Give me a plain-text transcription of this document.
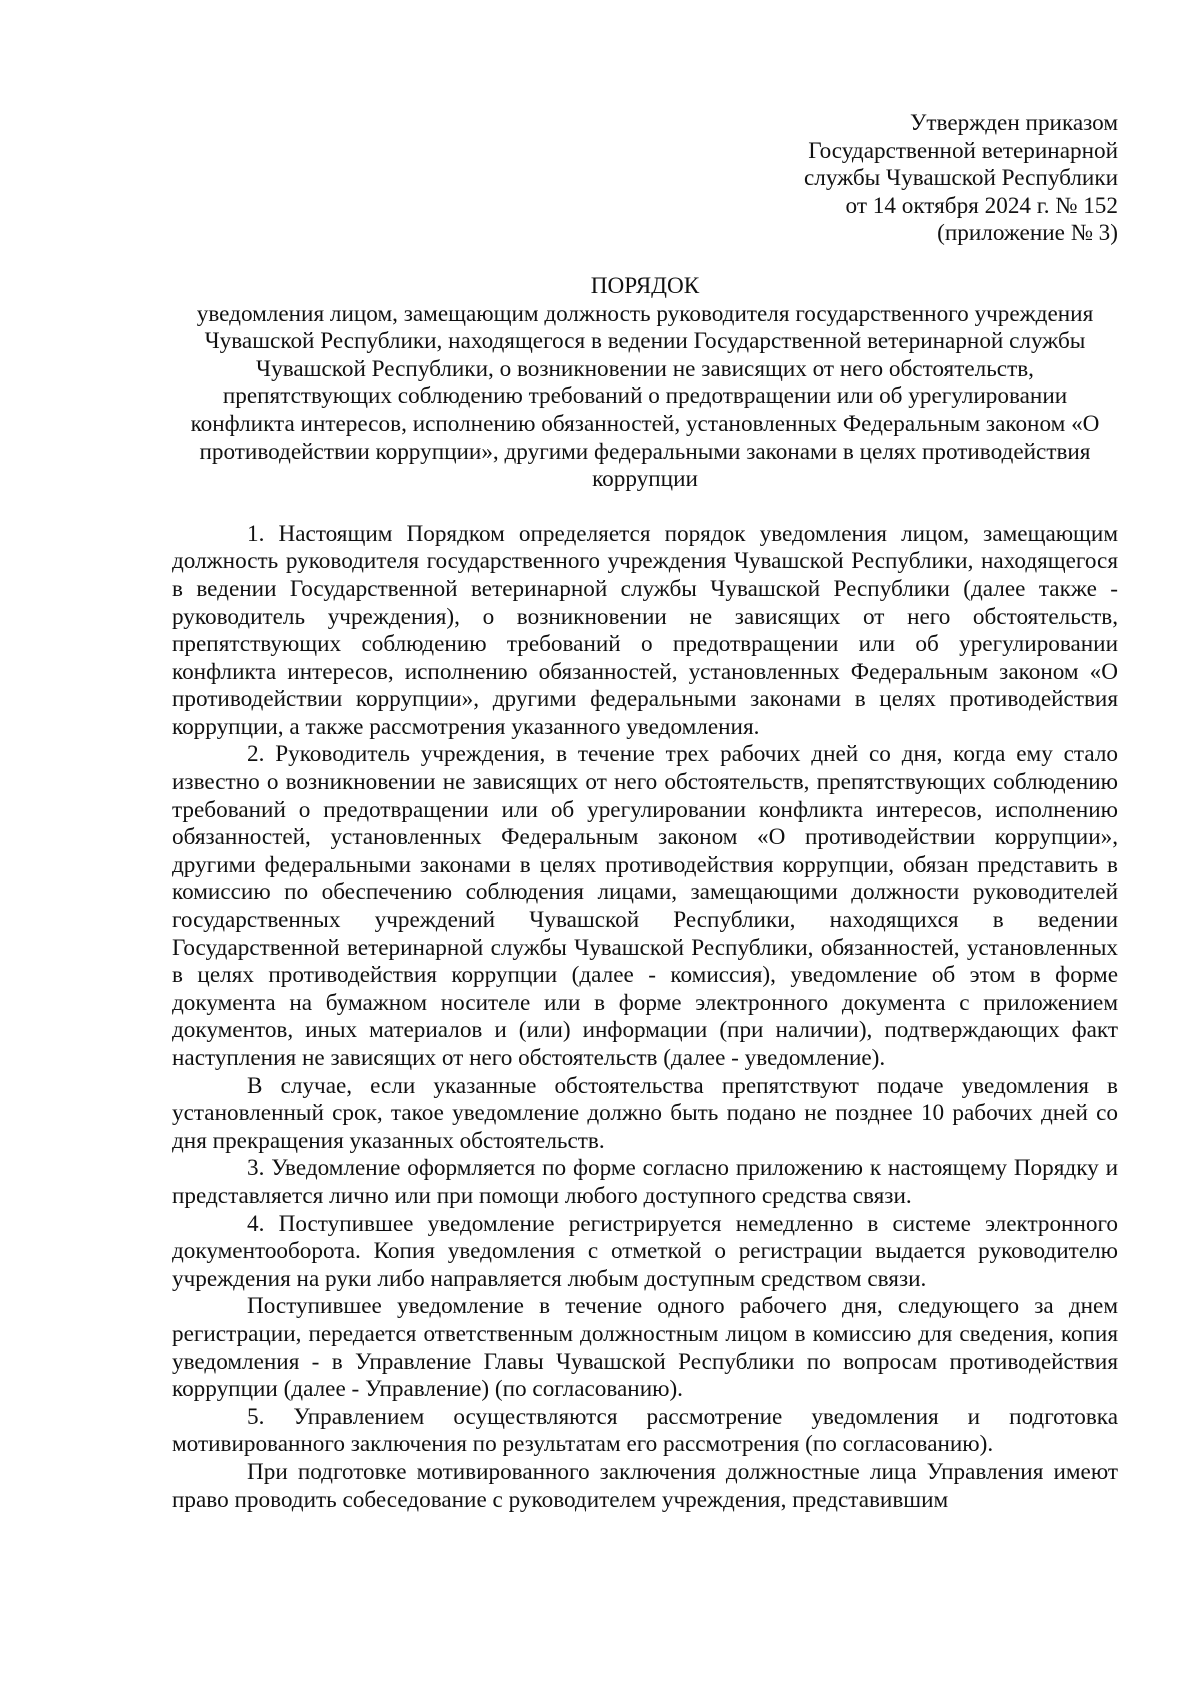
Утвержден приказом
Государственной ветеринарной
службы Чувашской Республики
от 14 октября 2024 г. № 152
(приложение № 3)
ПОРЯДОК
уведомления лицом, замещающим должность руководителя государственного учреждения Чувашской Республики, находящегося в ведении Государственной ветеринарной службы Чувашской Республики, о возникновении не зависящих от него обстоятельств, препятствующих соблюдению требований о предотвращении или об урегулировании конфликта интересов, исполнению обязанностей, установленных Федеральным законом «О противодействии коррупции», другими федеральными законами в целях противодействия коррупции

1. Настоящим Порядком определяется порядок уведомления лицом, замещающим должность руководителя государственного учреждения Чувашской Республики, находящегося в ведении Государственной ветеринарной службы Чувашской Республики (далее также - руководитель учреждения), о возникновении не зависящих от него обстоятельств, препятствующих соблюдению требований о предотвращении или об урегулировании конфликта интересов, исполнению обязанностей, установленных Федеральным законом «О противодействии коррупции», другими федеральными законами в целях противодействия коррупции, а также рассмотрения указанного уведомления.

2. Руководитель учреждения, в течение трех рабочих дней со дня, когда ему стало известно о возникновении не зависящих от него обстоятельств, препятствующих соблюдению требований о предотвращении или об урегулировании конфликта интересов, исполнению обязанностей, установленных Федеральным законом «О противодействии коррупции», другими федеральными законами в целях противодействия коррупции, обязан представить в комиссию по обеспечению соблюдения лицами, замещающими должности руководителей государственных учреждений Чувашской Республики, находящихся в ведении Государственной ветеринарной службы Чувашской Республики, обязанностей, установленных в целях противодействия коррупции (далее - комиссия), уведомление об этом в форме документа на бумажном носителе или в форме электронного документа с приложением документов, иных материалов и (или) информации (при наличии), подтверждающих факт наступления не зависящих от него обстоятельств (далее - уведомление).

В случае, если указанные обстоятельства препятствуют подаче уведомления в установленный срок, такое уведомление должно быть подано не позднее 10 рабочих дней со дня прекращения указанных обстоятельств.

3. Уведомление оформляется по форме согласно приложению к настоящему Порядку и представляется лично или при помощи любого доступного средства связи.

4. Поступившее уведомление регистрируется немедленно в системе электронного документооборота. Копия уведомления с отметкой о регистрации выдается руководителю учреждения на руки либо направляется любым доступным средством связи.

Поступившее уведомление в течение одного рабочего дня, следующего за днем регистрации, передается ответственным должностным лицом в комиссию для сведения, копия уведомления - в Управление Главы Чувашской Республики по вопросам противодействия коррупции (далее - Управление) (по согласованию).

5. Управлением осуществляются рассмотрение уведомления и подготовка мотивированного заключения по результатам его рассмотрения (по согласованию).

При подготовке мотивированного заключения должностные лица Управления имеют право проводить собеседование с руководителем учреждения, представившим
